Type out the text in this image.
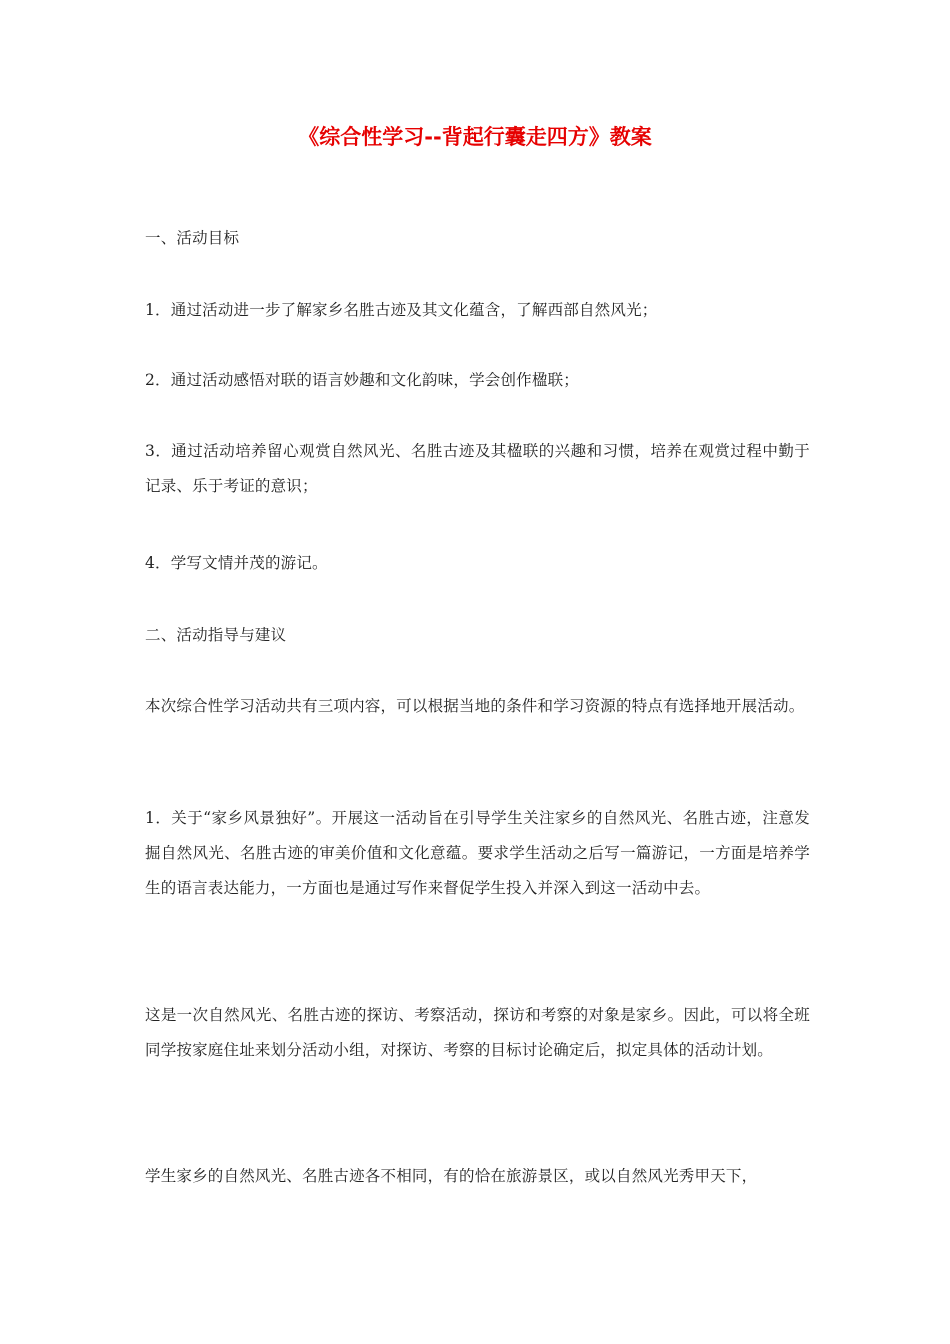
《综合性学习--背起行囊走四方》教案

一、活动目标

1．通过活动进一步了解家乡名胜古迹及其文化蕴含，了解西部自然风光；

2．通过活动感悟对联的语言妙趣和文化韵味，学会创作楹联；

3．通过活动培养留心观赏自然风光、名胜古迹及其楹联的兴趣和习惯，培养在观赏过程中勤于记录、乐于考证的意识；

4．学写文情并茂的游记。

二、活动指导与建议

本次综合性学习活动共有三项内容，可以根据当地的条件和学习资源的特点有选择地开展活动。

1．关于“家乡风景独好”。开展这一活动旨在引导学生关注家乡的自然风光、名胜古迹，注意发掘自然风光、名胜古迹的审美价值和文化意蕴。要求学生活动之后写一篇游记，一方面是培养学生的语言表达能力，一方面也是通过写作来督促学生投入并深入到这一活动中去。

这是一次自然风光、名胜古迹的探访、考察活动，探访和考察的对象是家乡。因此，可以将全班同学按家庭住址来划分活动小组，对探访、考察的目标讨论确定后，拟定具体的活动计划。

学生家乡的自然风光、名胜古迹各不相同，有的恰在旅游景区，或以自然风光秀甲天下，
